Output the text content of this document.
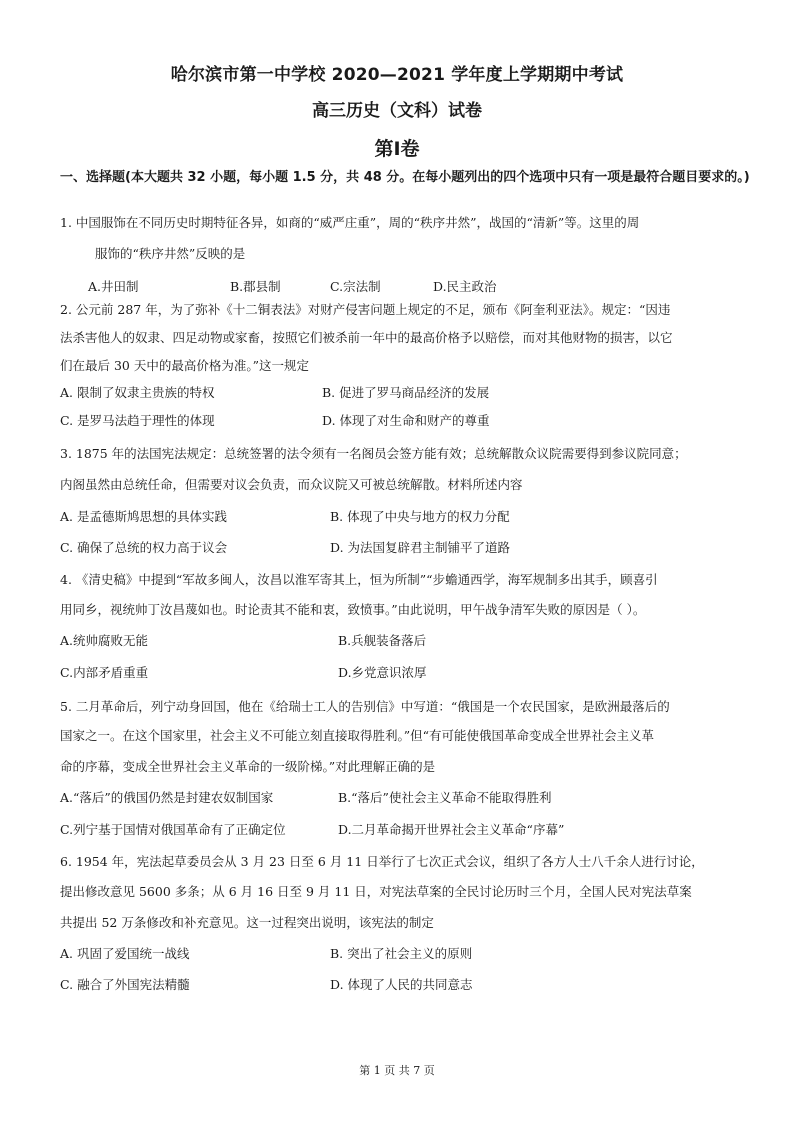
哈尔滨市第一中学校 2020—2021 学年度上学期期中考试
高三历史（文科）试卷
第Ⅰ卷
一、选择题(本大题共 32 小题，每小题 1.5 分，共 48 分。在每小题列出的四个选项中只有一项是最符合题目要求的。)
1. 中国服饰在不同历史时期特征各异，如商的“威严庄重”，周的“秩序井然”，战国的“清新”等。这里的周
服饰的“秩序井然”反映的是
A.井田制	B.郡县制	C.宗法制	D.民主政治
2. 公元前 287 年，为了弥补《十二铜表法》对财产侵害问题上规定的不足，颁布《阿奎利亚法》。规定：“因违
法杀害他人的奴隶、四足动物或家畜，按照它们被杀前一年中的最高价格予以赔偿，而对其他财物的损害，以它
们在最后 30 天中的最高价格为准。”这一规定
A. 限制了奴隶主贵族的特权	B. 促进了罗马商品经济的发展
C. 是罗马法趋于理性的体现	D. 体现了对生命和财产的尊重
3. 1875 年的法国宪法规定：总统签署的法令须有一名阁员会签方能有效；总统解散众议院需要得到参议院同意；
内阁虽然由总统任命，但需要对议会负责，而众议院又可被总统解散。材料所述内容
A. 是孟德斯鸠思想的具体实践	B. 体现了中央与地方的权力分配
C. 确保了总统的权力高于议会	D. 为法国复辟君主制铺平了道路
4. 《清史稿》中提到“军故多闽人，汝昌以淮军寄其上，恒为所制”“步蟾通西学，海军规制多出其手，顾喜引
用同乡，视统帅丁汝昌蔑如也。时论责其不能和衷，致愤事。”由此说明，甲午战争清军失败的原因是（ ）。
A.统帅腐败无能	B.兵舰装备落后
C.内部矛盾重重	D.乡党意识浓厚
5. 二月革命后，列宁动身回国，他在《给瑞士工人的告别信》中写道：“俄国是一个农民国家，是欧洲最落后的
国家之一。在这个国家里，社会主义不可能立刻直接取得胜利。”但“有可能使俄国革命变成全世界社会主义革
命的序幕，变成全世界社会主义革命的一级阶梯。”对此理解正确的是
A.“落后”的俄国仍然是封建农奴制国家	B.“落后”使社会主义革命不能取得胜利
C.列宁基于国情对俄国革命有了正确定位	D.二月革命揭开世界社会主义革命“序幕”
6. 1954 年，宪法起草委员会从 3 月 23 日至 6 月 11 日举行了七次正式会议，组织了各方人士八千余人进行讨论，
提出修改意见 5600 多条；从 6 月 16 日至 9 月 11 日，对宪法草案的全民讨论历时三个月，全国人民对宪法草案
共提出 52 万条修改和补充意见。这一过程突出说明，该宪法的制定
A. 巩固了爱国统一战线	B. 突出了社会主义的原则
C. 融合了外国宪法精髓	D. 体现了人民的共同意志
第 1 页 共 7 页
